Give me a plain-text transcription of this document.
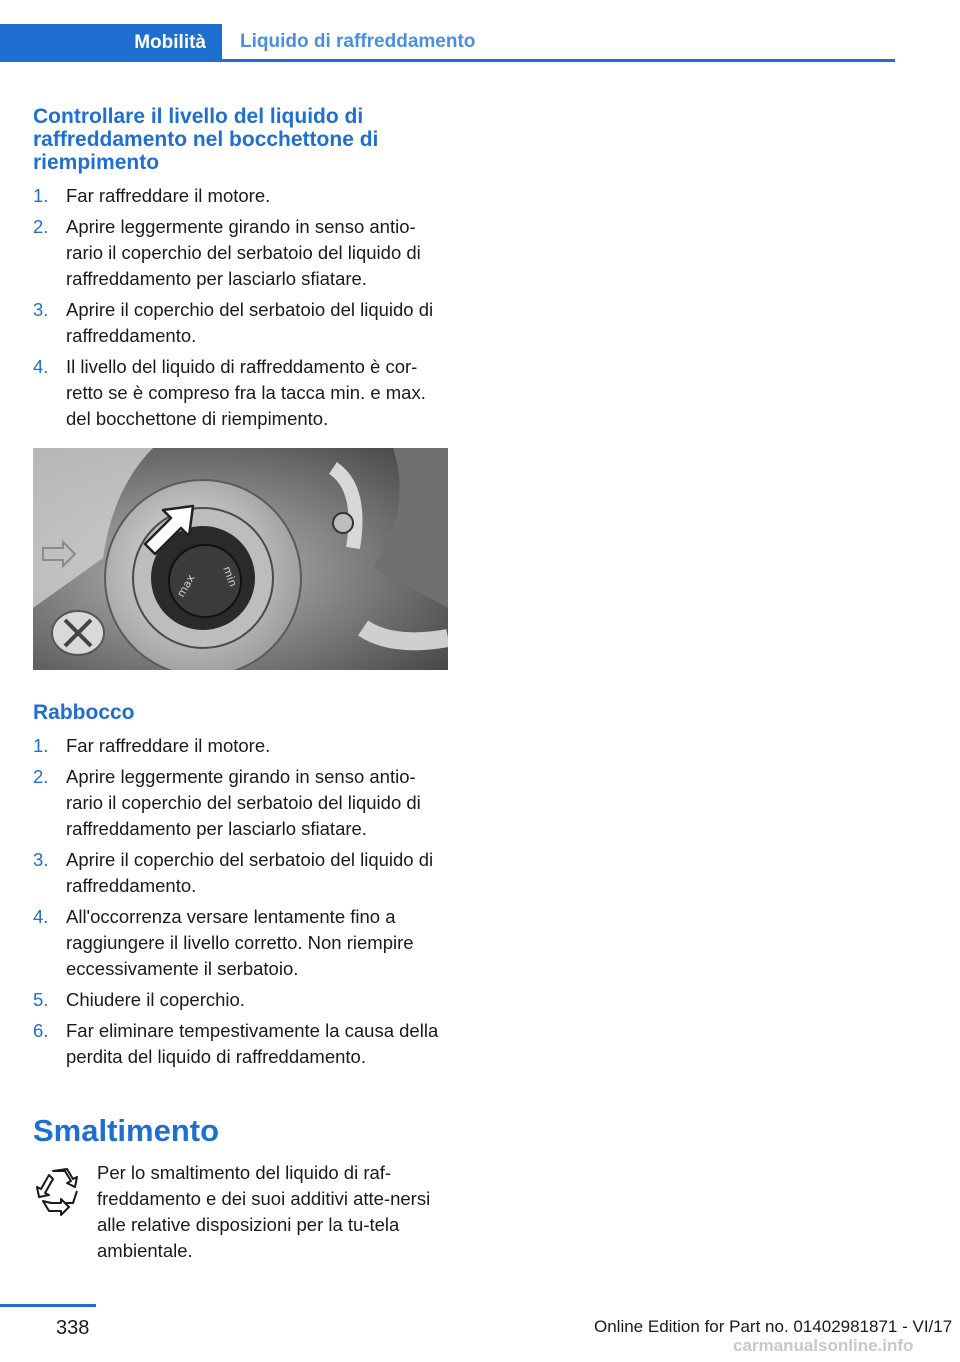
Mobilità	Liquido di raffreddamento
Controllare il livello del liquido di raffreddamento nel bocchettone di riempimento
1. Far raffreddare il motore.
2. Aprire leggermente girando in senso antio-rario il coperchio del serbatoio del liquido di raffreddamento per lasciarlo sfiatare.
3. Aprire il coperchio del serbatoio del liquido di raffreddamento.
4. Il livello del liquido di raffreddamento è cor-retto se è compreso fra la tacca min. e max. del bocchettone di riempimento.
max min
Rabbocco
1. Far raffreddare il motore.
2. Aprire leggermente girando in senso antio-rario il coperchio del serbatoio del liquido di raffreddamento per lasciarlo sfiatare.
3. Aprire il coperchio del serbatoio del liquido di raffreddamento.
4. All'occorrenza versare lentamente fino a raggiungere il livello corretto. Non riempire eccessivamente il serbatoio.
5. Chiudere il coperchio.
6. Far eliminare tempestivamente la causa della perdita del liquido di raffreddamento.
Smaltimento
Per lo smaltimento del liquido di raf-freddamento e dei suoi additivi atte-nersi alle relative disposizioni per la tu-tela ambientale.
338	Online Edition for Part no. 01402981871 - VI/17
carmanualsonline.info
